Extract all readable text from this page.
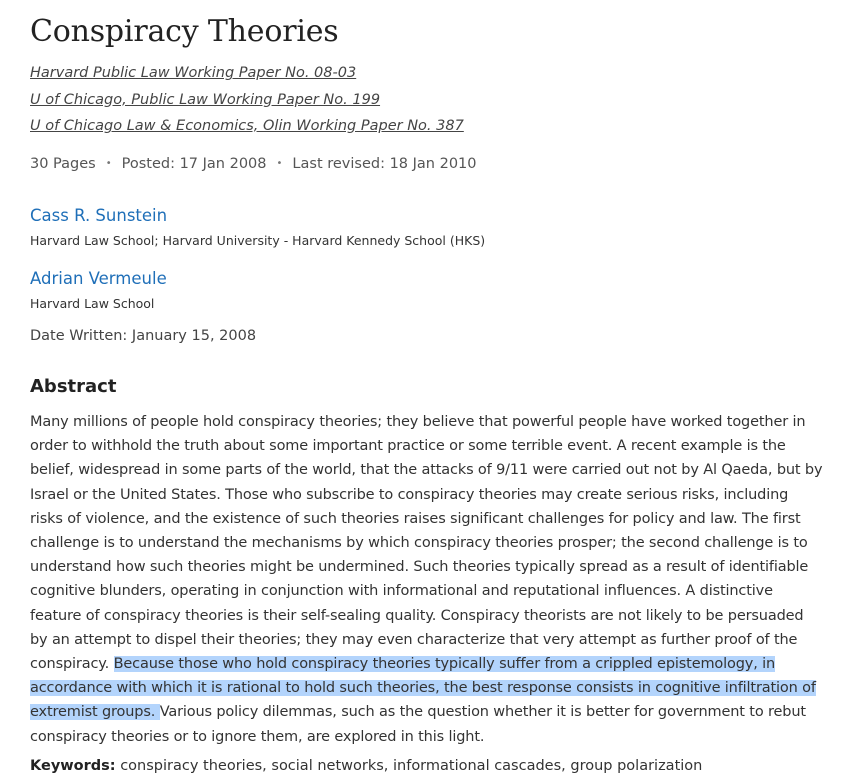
Conspiracy Theories
Harvard Public Law Working Paper No. 08-03
U of Chicago, Public Law Working Paper No. 199
U of Chicago Law & Economics, Olin Working Paper No. 387
30 Pages • Posted: 17 Jan 2008 • Last revised: 18 Jan 2010
Cass R. Sunstein
Harvard Law School; Harvard University - Harvard Kennedy School (HKS)
Adrian Vermeule
Harvard Law School
Date Written: January 15, 2008
Abstract

Many millions of people hold conspiracy theories; they believe that powerful people have worked together in order to withhold the truth about some important practice or some terrible event. A recent example is the belief, widespread in some parts of the world, that the attacks of 9/11 were carried out not by Al Qaeda, but by Israel or the United States. Those who subscribe to conspiracy theories may create serious risks, including risks of violence, and the existence of such theories raises significant challenges for policy and law. The first challenge is to understand the mechanisms by which conspiracy theories prosper; the second challenge is to understand how such theories might be undermined. Such theories typically spread as a result of identifiable cognitive blunders, operating in conjunction with informational and reputational influences. A distinctive feature of conspiracy theories is their self-sealing quality. Conspiracy theorists are not likely to be persuaded by an attempt to dispel their theories; they may even characterize that very attempt as further proof of the conspiracy. Because those who hold conspiracy theories typically suffer from a crippled epistemology, in accordance with which it is rational to hold such theories, the best response consists in cognitive infiltration of extremist groups. Various policy dilemmas, such as the question whether it is better for government to rebut conspiracy theories or to ignore them, are explored in this light.

Keywords: conspiracy theories, social networks, informational cascades, group polarization
